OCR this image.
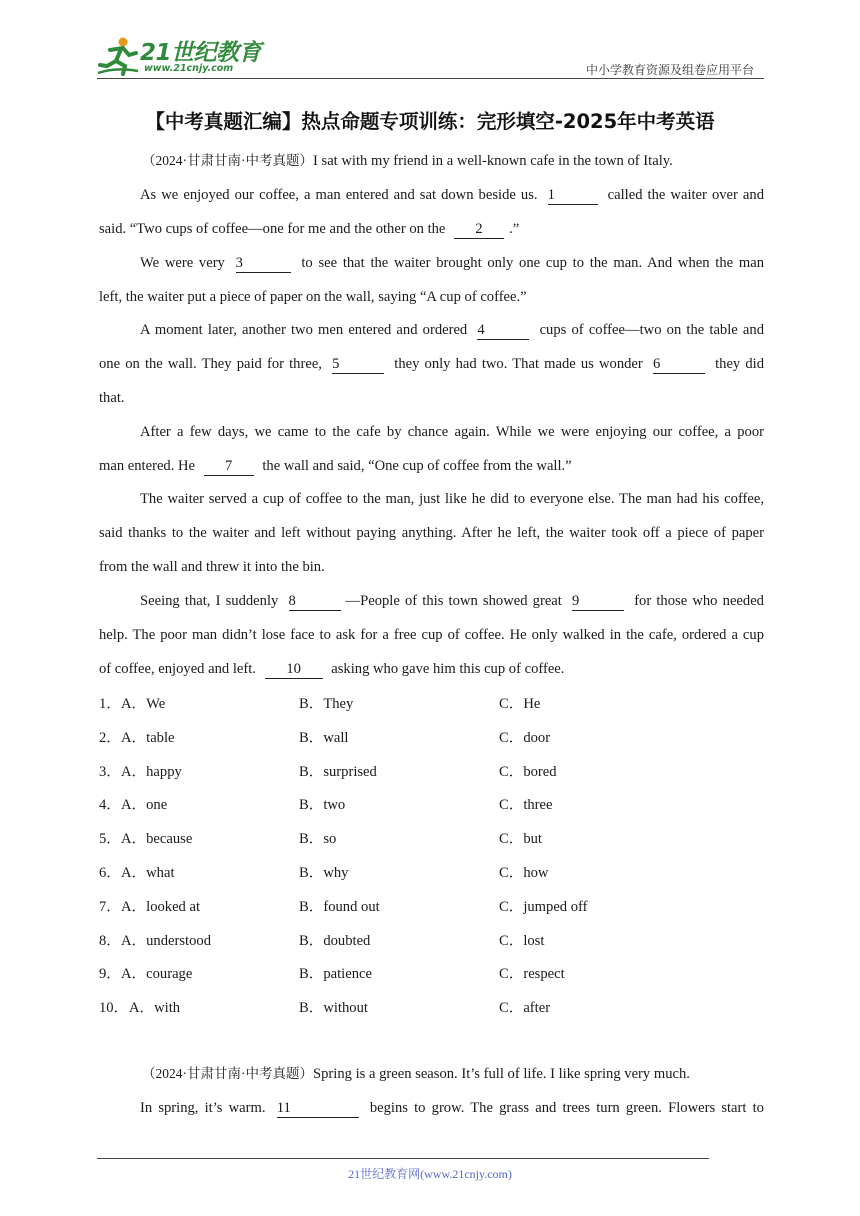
21世纪教育
www.21cnjy.com	中小学教育资源及组卷应用平台
【中考真题汇编】热点命题专项训练：完形填空-2025年中考英语
（2024·甘肃甘南·中考真题）I sat with my friend in a well-known cafe in the town of Italy.
As we enjoyed our coffee, a man entered and sat down beside us. 1	called the waiter over and
said. “Two cups of coffee—one for me and the other on the 2 .”
We were very 3	to see that the waiter brought only one cup to the man. And when the man
left, the waiter put a piece of paper on the wall, saying “A cup of coffee.”
A moment later, another two men entered and ordered 4	cups of coffee—two on the table and
one on the wall. They paid for three, 5	they only had two. That made us wonder 6	they did
that.
After a few days, we came to the cafe by chance again. While we were enjoying our coffee, a poor
man entered. He 7 the wall and said, “One cup of coffee from the wall.”
The waiter served a cup of coffee to the man, just like he did to everyone else. The man had his coffee,
said thanks to the waiter and left without paying anything. After he left, the waiter took off a piece of paper
from the wall and threw it into the bin.
Seeing that, I suddenly 8	—People of this town showed great 9	for those who needed
help. The poor man didn’t lose face to ask for a free cup of coffee. He only walked in the cafe, ordered a cup
of coffee, enjoyed and left. 10 asking who gave him this cup of coffee.
1． A．We	B．They	C．He
2． A．table	B．wall	C．door
3． A．happy	B．surprised	C．bored
4． A．one	B．two	C．three
5． A．because	B．so	C．but
6． A．what	B．why	C．how
7． A．looked at	B．found out	C．jumped off
8． A．understood	B．doubted	C．lost
9． A．courage	B．patience	C．respect
10． A．with	B．without	C．after
（2024·甘肃甘南·中考真题）Spring is a green season. It’s full of life. I like spring very much.
In spring, it’s warm. 11	begins to grow. The grass and trees turn green. Flowers start to
21世纪教育网(www.21cnjy.com)
